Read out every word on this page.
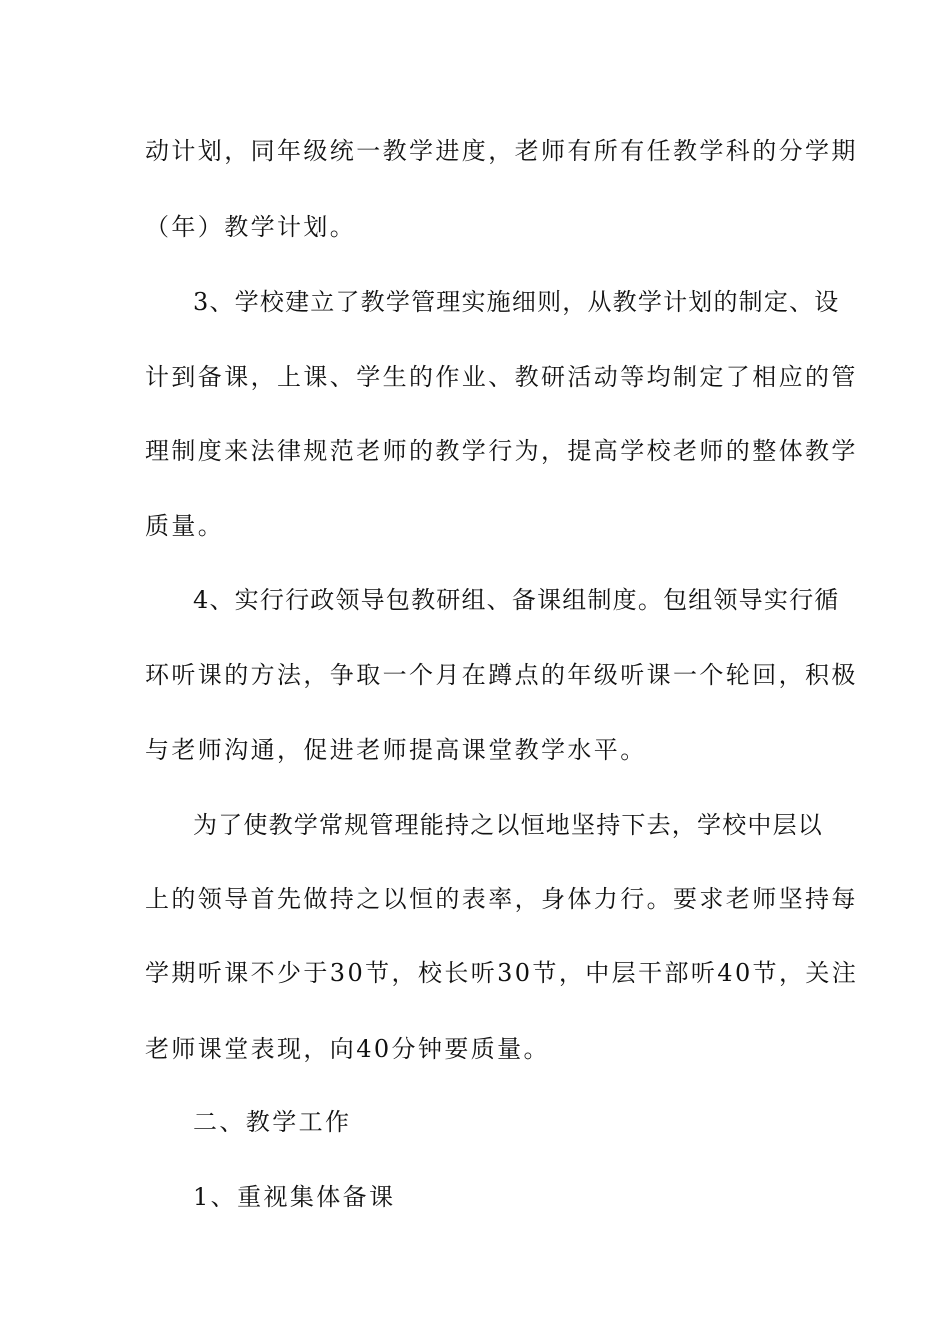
动计划，同年级统一教学进度，老师有所有任教学科的分学期
（年）教学计划。
3、学校建立了教学管理实施细则，从教学计划的制定、设
计到备课，上课、学生的作业、教研活动等均制定了相应的管
理制度来法律规范老师的教学行为，提高学校老师的整体教学
质量。
4、实行行政领导包教研组、备课组制度。包组领导实行循
环听课的方法，争取一个月在蹲点的年级听课一个轮回，积极
与老师沟通，促进老师提高课堂教学水平。
为了使教学常规管理能持之以恒地坚持下去，学校中层以
上的领导首先做持之以恒的表率，身体力行。要求老师坚持每
学期听课不少于30节，校长听30节，中层干部听40节，关注
老师课堂表现，向40分钟要质量。
二、教学工作
1、重视集体备课
